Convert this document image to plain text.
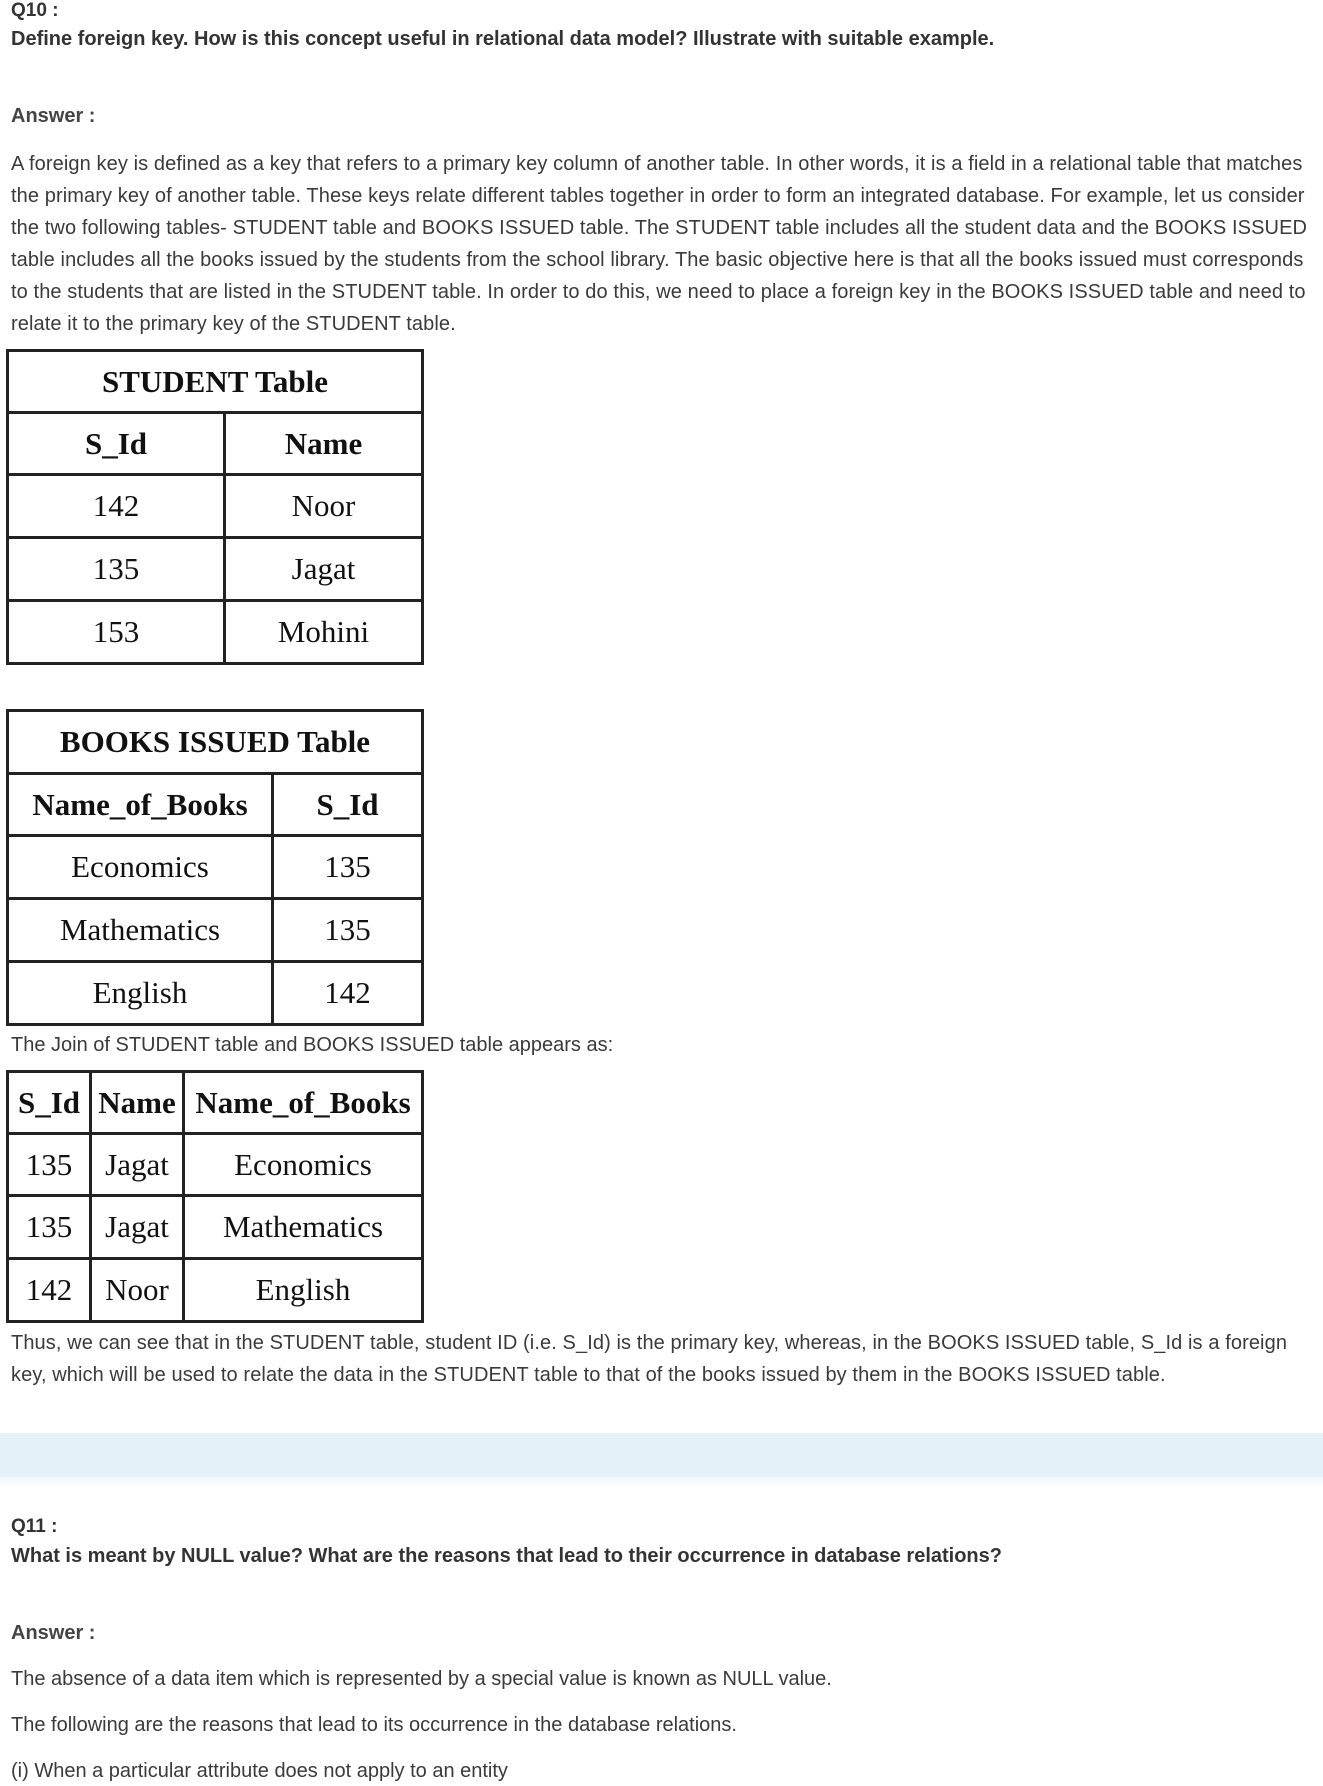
Q10 :
Define foreign key. How is this concept useful in relational data model? Illustrate with suitable example.
Answer :
A foreign key is defined as a key that refers to a primary key column of another table. In other words, it is a field in a relational table that matches the primary key of another table. These keys relate different tables together in order to form an integrated database. For example, let us consider the two following tables- STUDENT table and BOOKS ISSUED table. The STUDENT table includes all the student data and the BOOKS ISSUED table includes all the books issued by the students from the school library. The basic objective here is that all the books issued must corresponds to the students that are listed in the STUDENT table. In order to do this, we need to place a foreign key in the BOOKS ISSUED table and need to relate it to the primary key of the STUDENT table.
STUDENT Table	
S_Id	Name
142	Noor
135	Jagat
153	Mohini
BOOKS ISSUED Table	
Name_of_Books	S_Id
Economics	135
Mathematics	135
English	142
The Join of STUDENT table and BOOKS ISSUED table appears as:
S_Id	Name	Name_of_Books
135	Jagat	Economics
135	Jagat	Mathematics
142	Noor	English
Thus, we can see that in the STUDENT table, student ID (i.e. S_Id) is the primary key, whereas, in the BOOKS ISSUED table, S_Id is a foreign key, which will be used to relate the data in the STUDENT table to that of the books issued by them in the BOOKS ISSUED table.
Q11 :
What is meant by NULL value? What are the reasons that lead to their occurrence in database relations?
Answer :
The absence of a data item which is represented by a special value is known as NULL value.
The following are the reasons that lead to its occurrence in the database relations.
(i) When a particular attribute does not apply to an entity
